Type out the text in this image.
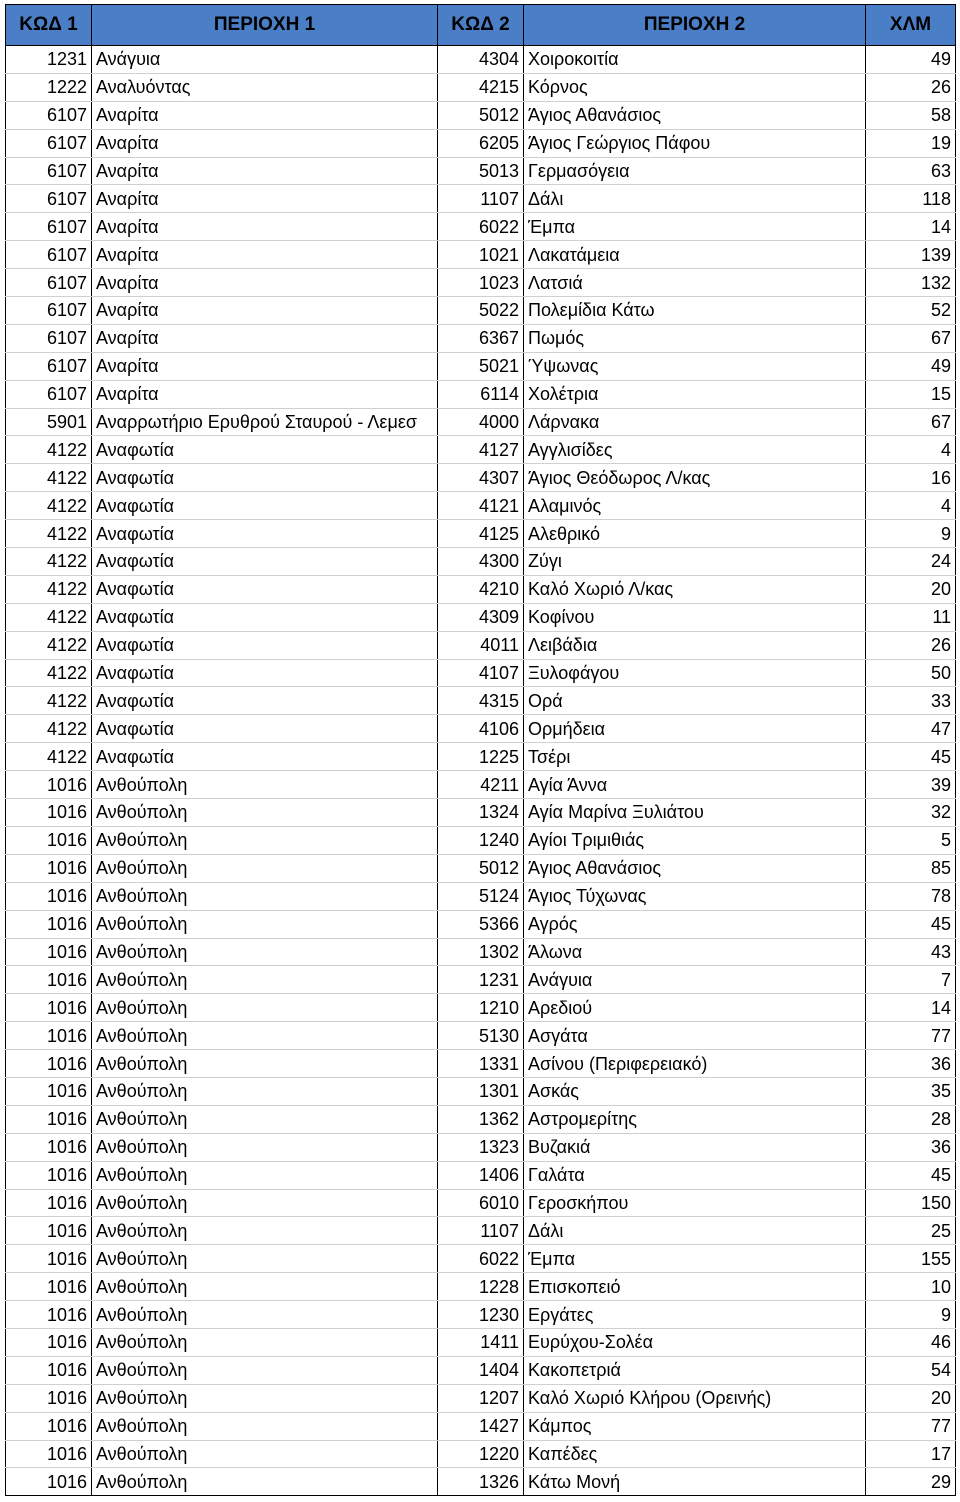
ΚΩΔ 1	ΠΕΡΙΟΧΗ 1	ΚΩΔ 2	ΠΕΡΙΟΧΗ 2	ΧΛΜ
1231	Ανάγυια	4304	Χοιροκοιτία	49
1222	Αναλυόντας	4215	Κόρνος	26
6107	Αναρίτα	5012	Άγιος Αθανάσιος	58
6107	Αναρίτα	6205	Άγιος Γεώργιος Πάφου	19
6107	Αναρίτα	5013	Γερμασόγεια	63
6107	Αναρίτα	1107	Δάλι	118
6107	Αναρίτα	6022	Έμπα	14
6107	Αναρίτα	1021	Λακατάμεια	139
6107	Αναρίτα	1023	Λατσιά	132
6107	Αναρίτα	5022	Πολεμίδια Κάτω	52
6107	Αναρίτα	6367	Πωμός	67
6107	Αναρίτα	5021	Ύψωνας	49
6107	Αναρίτα	6114	Χολέτρια	15
5901	Αναρρωτήριο Ερυθρού Σταυρού - Λεμεσ	4000	Λάρνακα	67
4122	Αναφωτία	4127	Αγγλισίδες	4
4122	Αναφωτία	4307	Άγιος Θεόδωρος Λ/κας	16
4122	Αναφωτία	4121	Αλαμινός	4
4122	Αναφωτία	4125	Αλεθρικό	9
4122	Αναφωτία	4300	Ζύγι	24
4122	Αναφωτία	4210	Καλό Χωριό Λ/κας	20
4122	Αναφωτία	4309	Κοφίνου	11
4122	Αναφωτία	4011	Λειβάδια	26
4122	Αναφωτία	4107	Ξυλοφάγου	50
4122	Αναφωτία	4315	Ορά	33
4122	Αναφωτία	4106	Ορμήδεια	47
4122	Αναφωτία	1225	Τσέρι	45
1016	Ανθούπολη	4211	Αγία Άννα	39
1016	Ανθούπολη	1324	Αγία Μαρίνα Ξυλιάτου	32
1016	Ανθούπολη	1240	Αγίοι Τριμιθιάς	5
1016	Ανθούπολη	5012	Άγιος Αθανάσιος	85
1016	Ανθούπολη	5124	Άγιος Τύχωνας	78
1016	Ανθούπολη	5366	Αγρός	45
1016	Ανθούπολη	1302	Άλωνα	43
1016	Ανθούπολη	1231	Ανάγυια	7
1016	Ανθούπολη	1210	Αρεδιού	14
1016	Ανθούπολη	5130	Ασγάτα	77
1016	Ανθούπολη	1331	Ασίνου (Περιφερειακό)	36
1016	Ανθούπολη	1301	Ασκάς	35
1016	Ανθούπολη	1362	Αστρομερίτης	28
1016	Ανθούπολη	1323	Βυζακιά	36
1016	Ανθούπολη	1406	Γαλάτα	45
1016	Ανθούπολη	6010	Γεροσκήπου	150
1016	Ανθούπολη	1107	Δάλι	25
1016	Ανθούπολη	6022	Έμπα	155
1016	Ανθούπολη	1228	Επισκοπειό	10
1016	Ανθούπολη	1230	Εργάτες	9
1016	Ανθούπολη	1411	Ευρύχου-Σολέα	46
1016	Ανθούπολη	1404	Κακοπετριά	54
1016	Ανθούπολη	1207	Καλό Χωριό Κλήρου (Ορεινής)	20
1016	Ανθούπολη	1427	Κάμπος	77
1016	Ανθούπολη	1220	Καπέδες	17
1016	Ανθούπολη	1326	Κάτω Μονή	29
